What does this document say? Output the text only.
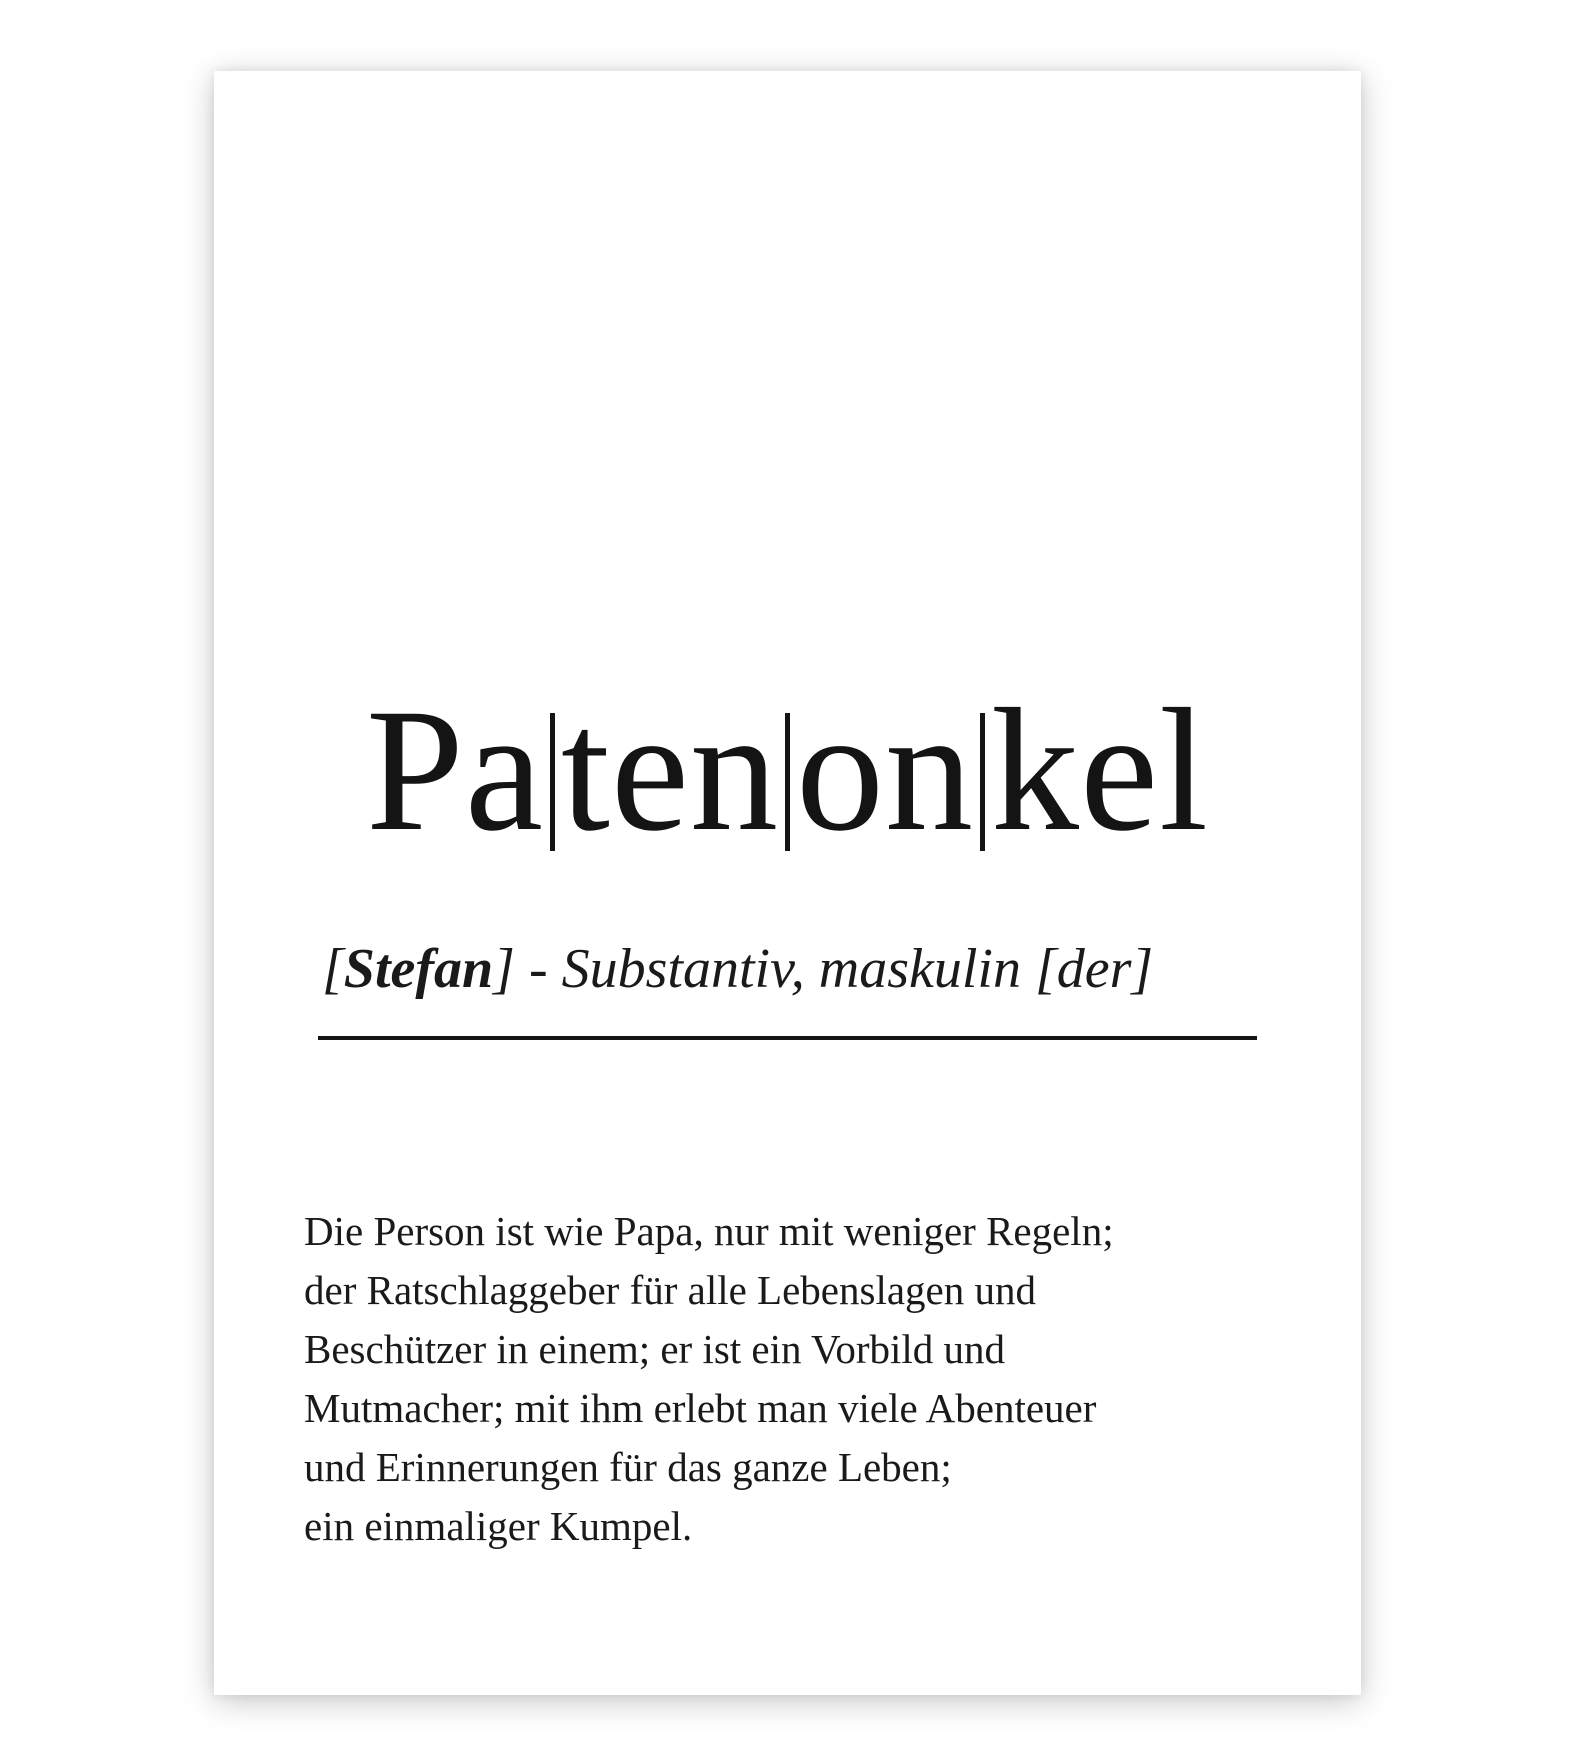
Patenonkel
[Stefan] - Substantiv, maskulin [der]
Die Person ist wie Papa, nur mit weniger Regeln;
der Ratschlaggeber für alle Lebenslagen und
Beschützer in einem; er ist ein Vorbild und
Mutmacher; mit ihm erlebt man viele Abenteuer
und Erinnerungen für das ganze Leben;
ein einmaliger Kumpel.
